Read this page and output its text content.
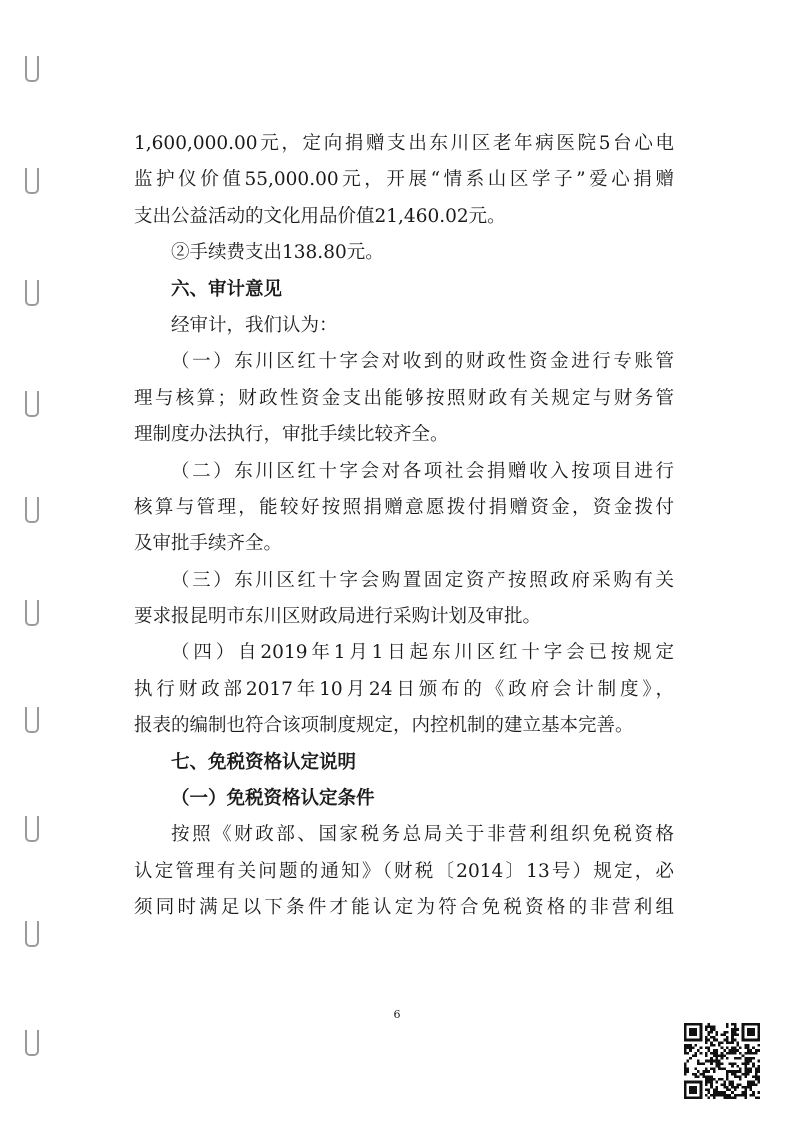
1,600,000.00元，定向捐赠支出东川区老年病医院5台心电
监护仪价值55,000.00元，开展“情系山区学子”爱心捐赠
支出公益活动的文化用品价值21,460.02元。
②手续费支出138.80元。
六、审计意见
经审计，我们认为：
（一）东川区红十字会对收到的财政性资金进行专账管
理与核算；财政性资金支出能够按照财政有关规定与财务管
理制度办法执行，审批手续比较齐全。
（二）东川区红十字会对各项社会捐赠收入按项目进行
核算与管理，能较好按照捐赠意愿拨付捐赠资金，资金拨付
及审批手续齐全。
（三）东川区红十字会购置固定资产按照政府采购有关
要求报昆明市东川区财政局进行采购计划及审批。
（四）自2019年1月1日起东川区红十字会已按规定
执行财政部2017年10月24日颁布的《政府会计制度》，
报表的编制也符合该项制度规定，内控机制的建立基本完善。
七、免税资格认定说明
（一）免税资格认定条件
按照《财政部、国家税务总局关于非营利组织免税资格
认定管理有关问题的通知》（财税〔2014〕13号）规定，必
须同时满足以下条件才能认定为符合免税资格的非营利组
6
